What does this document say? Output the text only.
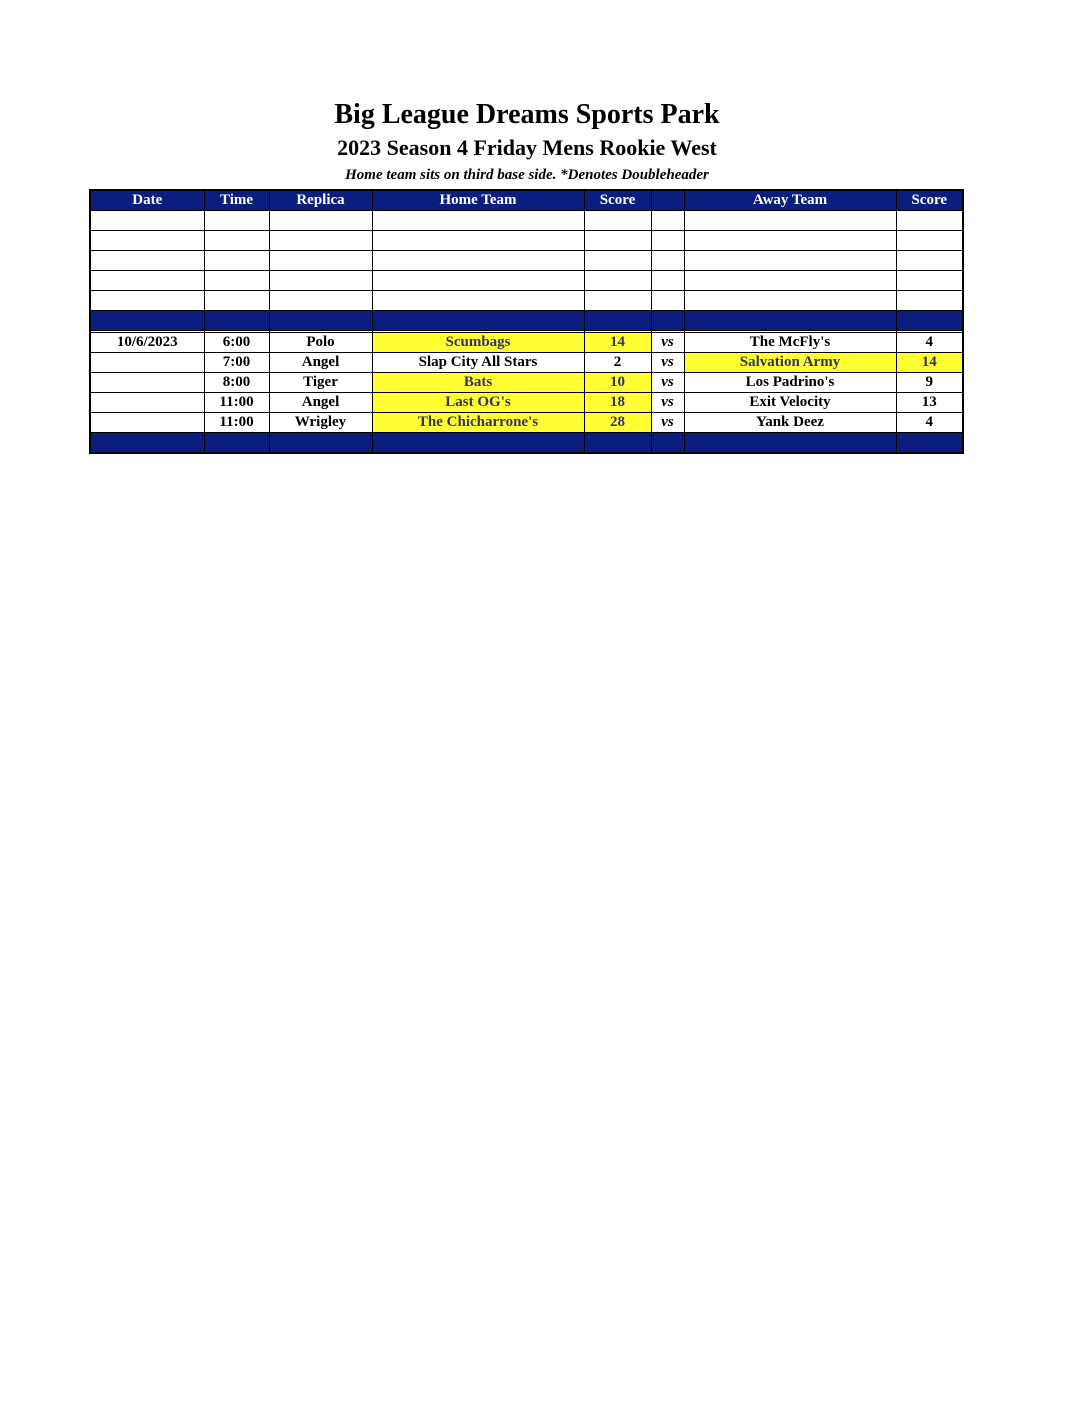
Big League Dreams Sports Park
2023 Season 4 Friday Mens Rookie West
Home team sits on third base side. *Denotes Doubleheader
Date	Time	Replica	Home Team	Score		Away Team	Score

10/6/2023	6:00	Polo	Scumbags	14	vs	The McFly's	4
	7:00	Angel	Slap City All Stars	2	vs	Salvation Army	14
	8:00	Tiger	Bats	10	vs	Los Padrino's	9
	11:00	Angel	Last OG's	18	vs	Exit Velocity	13
	11:00	Wrigley	The Chicharrone's	28	vs	Yank Deez	4
